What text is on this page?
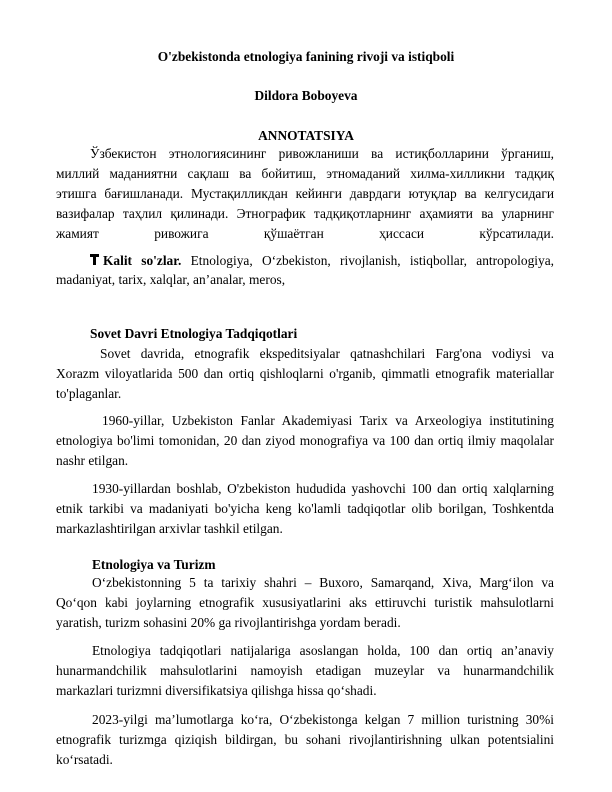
O'zbekistonda etnologiya fanining rivoji va istiqboli
Dildora Boboyeva
ANNOTATSIYA
Ўзбекистон этнологиясининг ривожланиши ва истиқболларини ўрганиш,
миллий маданиятни сақлаш ва бойитиш, этномаданий хилма-хилликни тадқиқ
этишга бағишланади. Мустақилликдан кейинги даврдаги ютуқлар ва келгусидаги
вазифалар таҳлил қилинади. Этнографик тадқиқотларнинг аҳамияти ва уларнинг
жамият ривожига қўшаётган ҳиссаси кўрсатилади.
Kalit so'zlar. Etnologiya, O‘zbekiston, rivojlanish, istiqbollar, antropologiya,
madaniyat, tarix, xalqlar, an’analar, meros,
Sovet Davri Etnologiya Tadqiqotlari
Sovet davrida, etnografik ekspeditsiyalar qatnashchilari Farg'ona vodiysi va
Xorazm viloyatlarida 500 dan ortiq qishloqlarni o'rganib, qimmatli etnografik materiallar
to'plaganlar.
1960-yillar, Uzbekiston Fanlar Akademiyasi Tarix va Arxeologiya institutining
etnologiya bo'limi tomonidan, 20 dan ziyod monografiya va 100 dan ortiq ilmiy maqolalar
nashr etilgan.
1930-yillardan boshlab, O'zbekiston hududida yashovchi 100 dan ortiq xalqlarning
etnik tarkibi va madaniyati bo'yicha keng ko'lamli tadqiqotlar olib borilgan, Toshkentda
markazlashtirilgan arxivlar tashkil etilgan.
Etnologiya va Turizm
O‘zbekistonning 5 ta tarixiy shahri – Buxoro, Samarqand, Xiva, Marg‘ilon va
Qo‘qon kabi joylarning etnografik xususiyatlarini aks ettiruvchi turistik mahsulotlarni
yaratish, turizm sohasini 20% ga rivojlantirishga yordam beradi.
Etnologiya tadqiqotlari natijalariga asoslangan holda, 100 dan ortiq an’anaviy
hunarmandchilik mahsulotlarini namoyish etadigan muzeylar va hunarmandchilik
markazlari turizmni diversifikatsiya qilishga hissa qo‘shadi.
2023-yilgi ma’lumotlarga ko‘ra, O‘zbekistonga kelgan 7 million turistning 30%i
etnografik turizmga qiziqish bildirgan, bu sohani rivojlantirishning ulkan potentsialini
ko‘rsatadi.
